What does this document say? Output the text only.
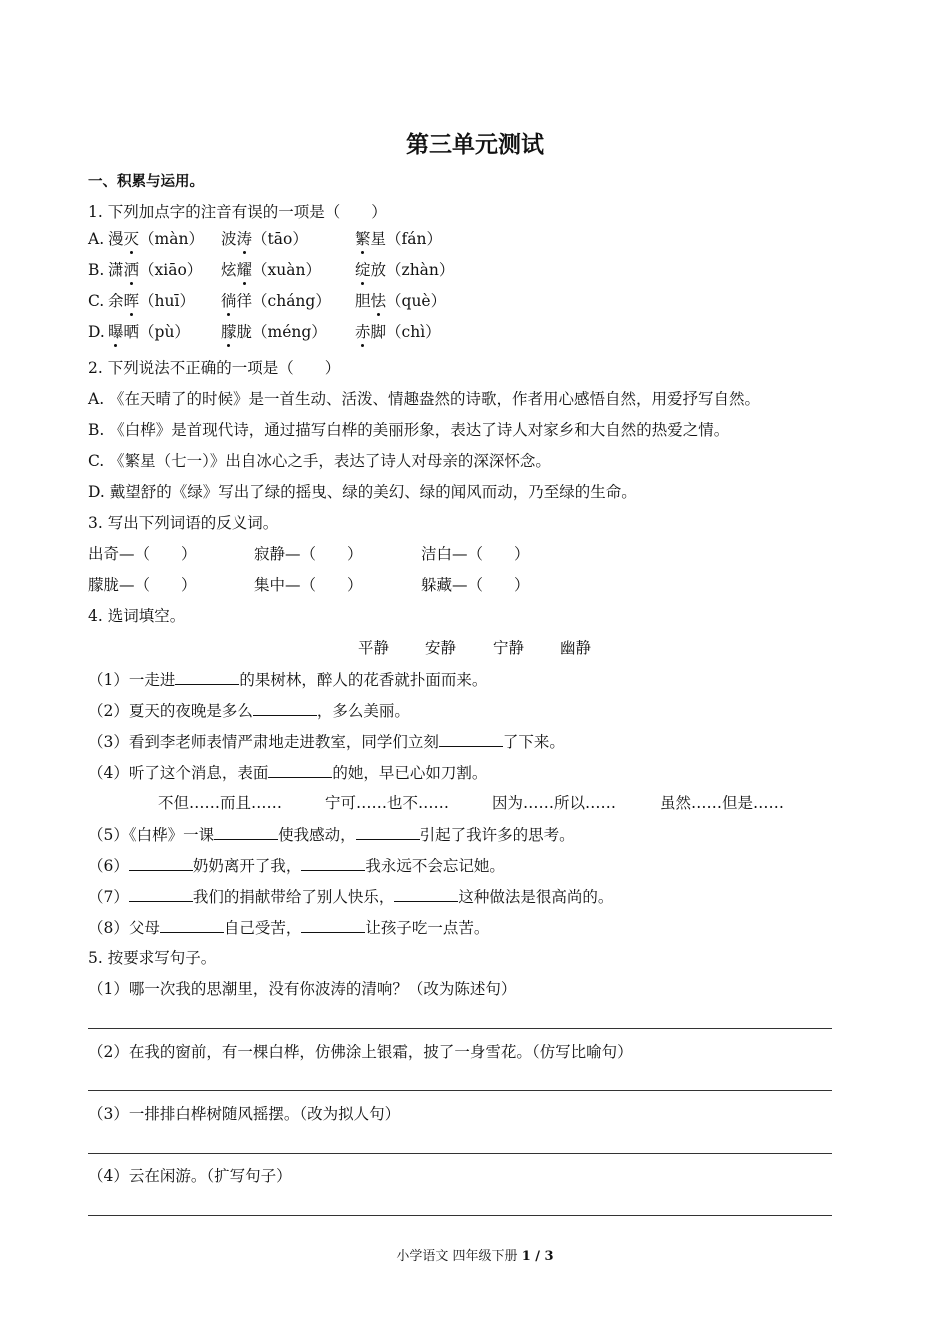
第三单元测试
一、积累与运用。
1. 下列加点字的注音有误的一项是（　　）
A. 漫灭（màn） 波涛（tāo）	繁星（fán）
B. 潇洒（xiāo） 炫耀（xuàn） 绽放（zhàn）
C. 余晖（huī） 徜徉（cháng） 胆怯（què）
D. 曝晒（pù） 朦胧（méng） 赤脚（chì）
2. 下列说法不正确的一项是（　　）
A. 《在天晴了的时候》是一首生动、活泼、情趣盎然的诗歌，作者用心感悟自然，用爱抒写自然。
B. 《白桦》是首现代诗，通过描写白桦的美丽形象，表达了诗人对家乡和大自然的热爱之情。
C. 《繁星（七一）》出自冰心之手，表达了诗人对母亲的深深怀念。
D. 戴望舒的《绿》写出了绿的摇曳、绿的美幻、绿的闻风而动，乃至绿的生命。
3. 写出下列词语的反义词。
出奇—（　　）	寂静—（　　）	洁白—（　　）
朦胧—（　　）	集中—（　　）	躲藏—（　　）
4. 选词填空。
平静 安静 宁静 幽静
（1）一走进	的果树林，醉人的花香就扑面而来。
（2）夏天的夜晚是多么	，多么美丽。
（3）看到李老师表情严肃地走进教室，同学们立刻	了下来。
（4）听了这个消息，表面	的她，早已心如刀割。
不但……而且……	宁可……也不……	因为……所以……	虽然……但是……
（5）《白桦》一课	使我感动，	引起了我许多的思考。
（6）	奶奶离开了我，	我永远不会忘记她。
（7）	我们的捐献带给了别人快乐，	这种做法是很高尚的。
（8）父母	自己受苦，	让孩子吃一点苦。
5. 按要求写句子。
（1）哪一次我的思潮里，没有你波涛的清响？（改为陈述句）
（2）在我的窗前，有一棵白桦，仿佛涂上银霜，披了一身雪花。（仿写比喻句）
（3）一排排白桦树随风摇摆。（改为拟人句）
（4）云在闲游。（扩写句子）
小学语文 四年级下册 1 / 3
